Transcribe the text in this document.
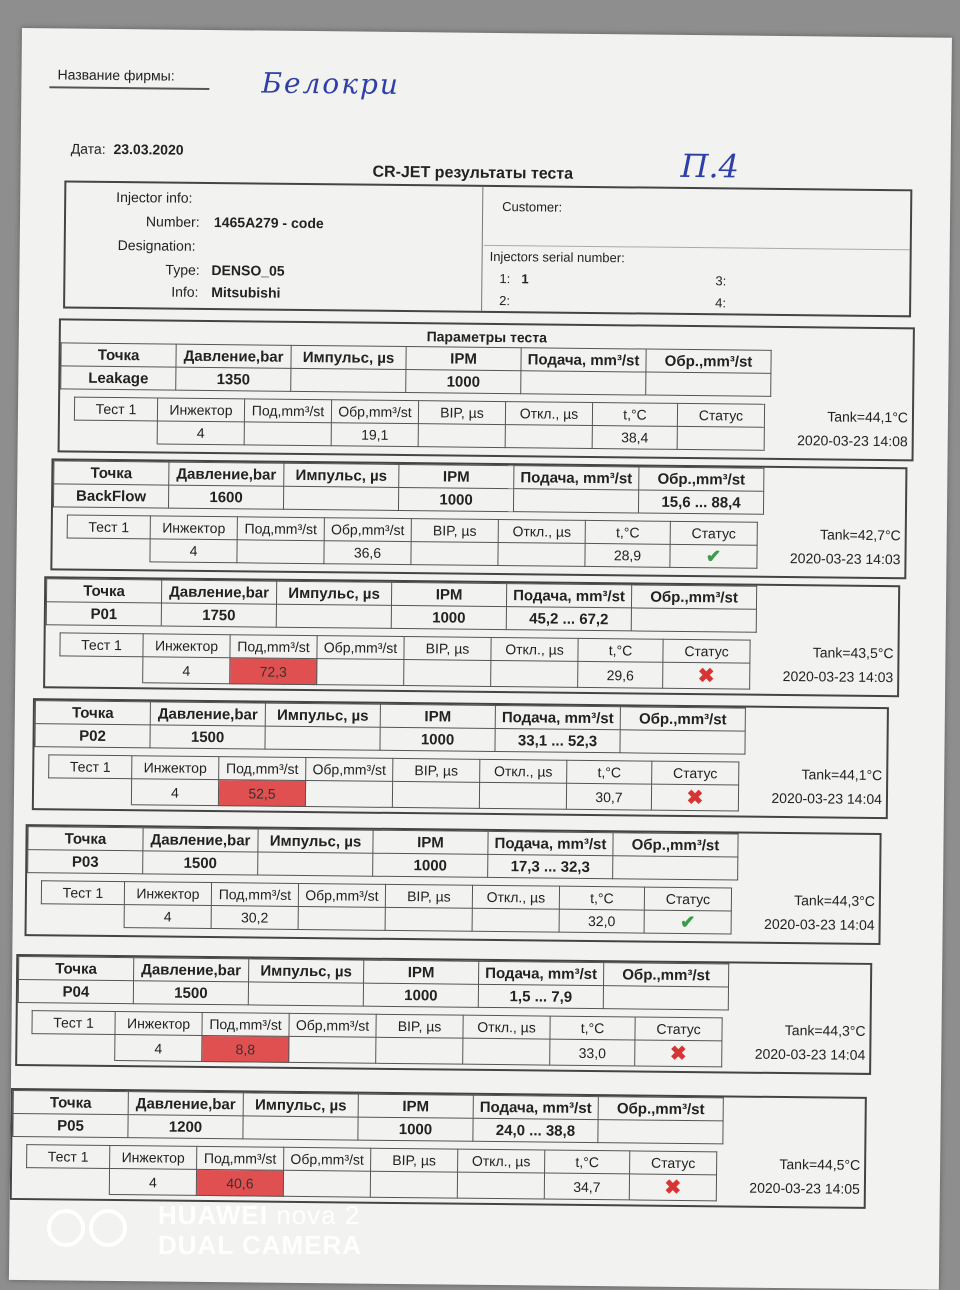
Название фирмы:	Белокри
П.4
Дата: 23.03.2020
CR-JET результаты теста
Injector info:
Number: 1465A279 - code
Designation:
Type: DENSO_05
Info: Mitsubishi
Customer:
Injectors serial number:
1: 1
2:
3:
4:
Параметры теста
Точка	Давление,bar	Импульс, µs	IPM	Подача, mm³/st	Обр.,mm³/st
Leakage	1350		1000		
Тест 1	Инжектор	Под,mm³/st	Обр,mm³/st	BIP, µs	Откл., µs	t,°C	Статус
	4		19,1			38,4	
Tank=44,1°C
2020-03-23 14:08
Точка	Давление,bar	Импульс, µs	IPM	Подача, mm³/st	Обр.,mm³/st
BackFlow	1600		1000		15,6 ... 88,4
Тест 1	Инжектор	Под,mm³/st	Обр,mm³/st	BIP, µs	Откл., µs	t,°C	Статус
	4		36,6			28,9	✔
Tank=42,7°C
2020-03-23 14:03
Точка	Давление,bar	Импульс, µs	IPM	Подача, mm³/st	Обр.,mm³/st
P01	1750		1000	45,2 ... 67,2	
Тест 1	Инжектор	Под,mm³/st	Обр,mm³/st	BIP, µs	Откл., µs	t,°C	Статус
	4	72,3				29,6	✖
Tank=43,5°C
2020-03-23 14:03
Точка	Давление,bar	Импульс, µs	IPM	Подача, mm³/st	Обр.,mm³/st
P02	1500		1000	33,1 ... 52,3	
Тест 1	Инжектор	Под,mm³/st	Обр,mm³/st	BIP, µs	Откл., µs	t,°C	Статус
	4	52,5				30,7	✖
Tank=44,1°C
2020-03-23 14:04
Точка	Давление,bar	Импульс, µs	IPM	Подача, mm³/st	Обр.,mm³/st
P03	1500		1000	17,3 ... 32,3	
Тест 1	Инжектор	Под,mm³/st	Обр,mm³/st	BIP, µs	Откл., µs	t,°C	Статус
	4	30,2				32,0	✔
Tank=44,3°C
2020-03-23 14:04
Точка	Давление,bar	Импульс, µs	IPM	Подача, mm³/st	Обр.,mm³/st
P04	1500		1000	1,5 ... 7,9	
Тест 1	Инжектор	Под,mm³/st	Обр,mm³/st	BIP, µs	Откл., µs	t,°C	Статус
	4	8,8				33,0	✖
Tank=44,3°C
2020-03-23 14:04
Точка	Давление,bar	Импульс, µs	IPM	Подача, mm³/st	Обр.,mm³/st
P05	1200		1000	24,0 ... 38,8	
Тест 1	Инжектор	Под,mm³/st	Обр,mm³/st	BIP, µs	Откл., µs	t,°C	Статус
	4	40,6				34,7	✖
Tank=44,5°C
2020-03-23 14:05
HUAWEI nova 2
DUAL CAMERA
